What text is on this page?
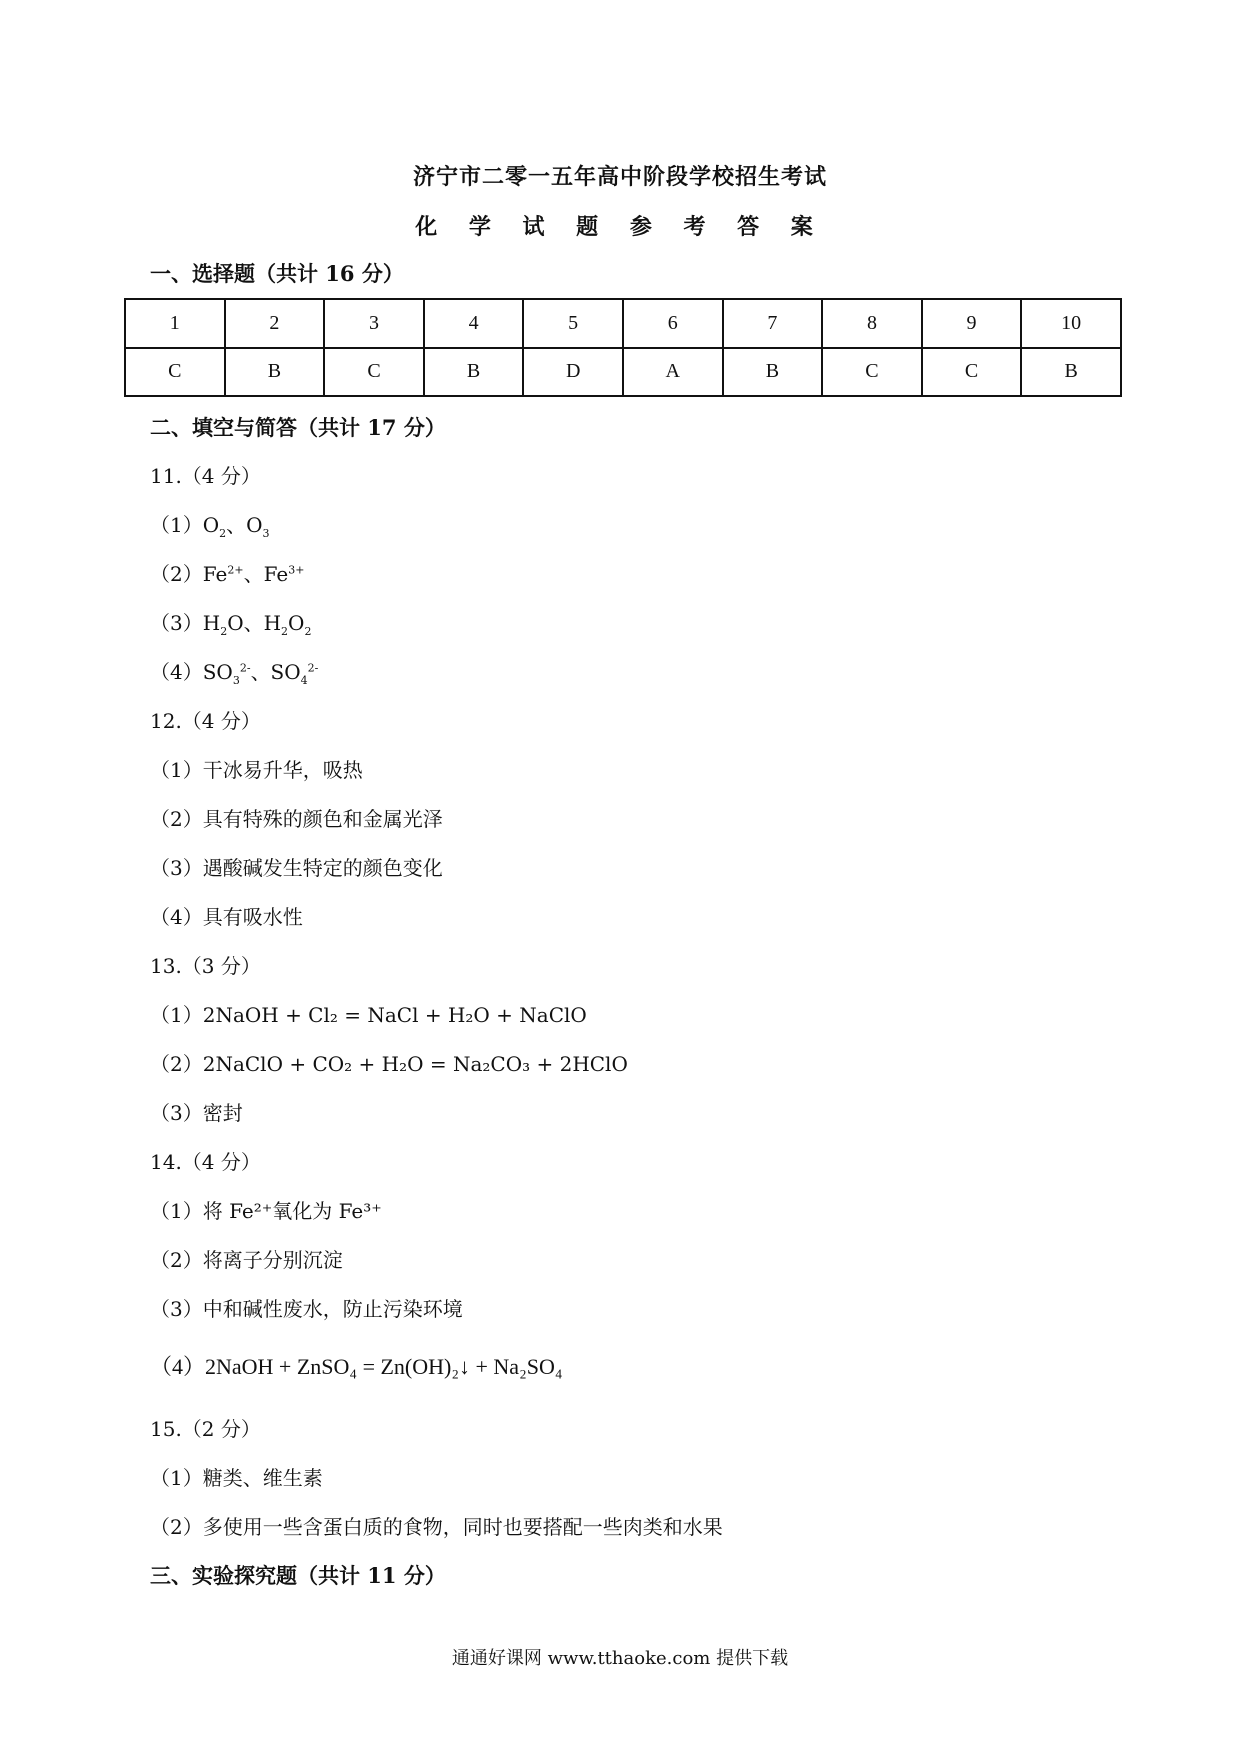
济宁市二零一五年高中阶段学校招生考试
化 学 试 题 参 考 答 案
一、选择题（共计 16 分）
1	2	3	4	5	6	7	8	9	10
C	B	C	B	D	A	B	C	C	B
二、填空与简答（共计 17 分）
11.（4 分）
$(1)O_2$、$O_3$
$(2)Fe^{2+}$、$Fe^{3+}$
$(3)H_2O$、$H_2O_2$
$(4)SO_3^{2-}$、$SO_4^{2-}$
12.（4 分）
（1）干冰易升华，吸热
（2）具有特殊的颜色和金属光泽
（3）遇酸碱发生特定的颜色变化
（4）具有吸水性
13.（3 分）
（1）2NaOH + Cl₂ = NaCl + H₂O + NaClO
（2）2NaClO + CO₂ + H₂O = Na₂CO₃ + 2HClO
（3）密封
14.（4 分）
（1）将 Fe²⁺氧化为 Fe³⁺
（2）将离子分别沉淀
（3）中和碱性废水，防止污染环境
（4）2NaOH + ZnSO₄ = Zn(OH)₂↓ + Na₂SO₄
15.（2 分）
（1）糖类、维生素
（2）多使用一些含蛋白质的食物，同时也要搭配一些肉类和水果
三、实验探究题（共计 11 分）
通通好课网 www.tthaoke.com 提供下载
